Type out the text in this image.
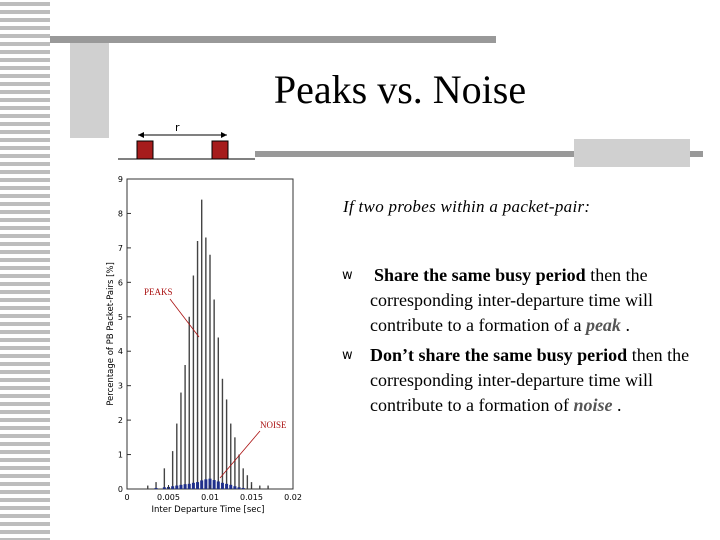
Peaks vs. Noise
r
0
1
2
3
4
5
6
7
8
9
0	0.005	0.01	0.015	0.02
PEAKS
NOISE
Inter Departure Time [sec]
Percentage of PB Packet-Pairs [%]
If two probes within a packet-pair:
w Share the same busy period then the corresponding inter-departure time will contribute to a formation of a peak .
w Don’t share the same busy period then the corresponding inter-departure time will contribute to a formation of noise .
